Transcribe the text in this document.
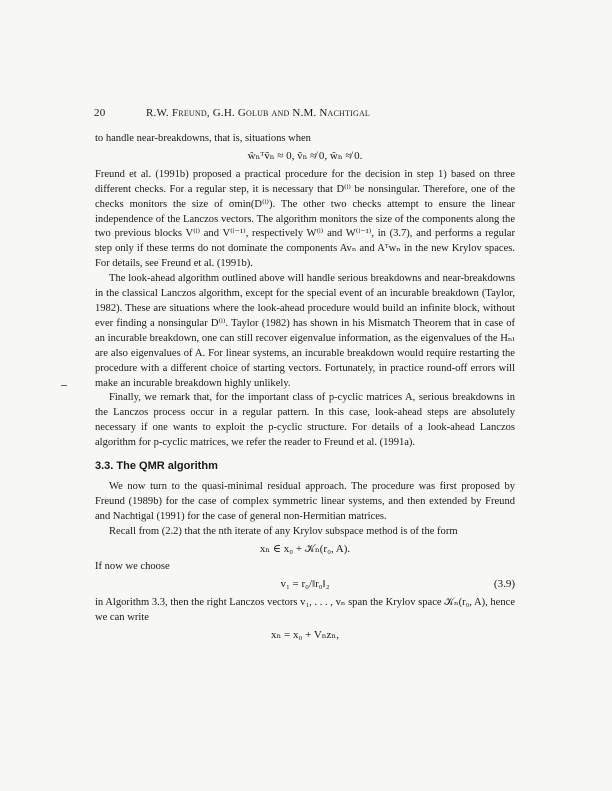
20	R.W. Freund, G.H. Golub and N.M. Nachtigal

to handle near-breakdowns, that is, situations when

ŵₙᵀṽₙ ≈ 0, ṽₙ ≉ 0, ŵₙ ≉ 0.

Freund et al. (1991b) proposed a practical procedure for the decision in step 1) based on three different checks. For a regular step, it is necessary that D⁽ˡ⁾ be nonsingular. Therefore, one of the checks monitors the size of σmin(D⁽ˡ⁾). The other two checks attempt to ensure the linear independence of the Lanczos vectors. The algorithm monitors the size of the components along the two previous blocks V⁽ˡ⁾ and V⁽ˡ⁻¹⁾, respectively W⁽ˡ⁾ and W⁽ˡ⁻¹⁾, in (3.7), and performs a regular step only if these terms do not dominate the components Avₙ and Aᵀwₙ in the new Krylov spaces. For details, see Freund et al. (1991b).

The look-ahead algorithm outlined above will handle serious breakdowns and near-breakdowns in the classical Lanczos algorithm, except for the special event of an incurable breakdown (Taylor, 1982). These are situations where the look-ahead procedure would build an infinite block, without ever finding a nonsingular D⁽ˡ⁾. Taylor (1982) has shown in his Mismatch Theorem that in case of an incurable breakdown, one can still recover eigenvalue information, as the eigenvalues of the Hₙₗ are also eigenvalues of A. For linear systems, an incurable breakdown would require restarting the procedure with a different choice of starting vectors. Fortunately, in practice round-off errors will make an incurable breakdown highly unlikely.

Finally, we remark that, for the important class of p-cyclic matrices A, serious breakdowns in the Lanczos process occur in a regular pattern. In this case, look-ahead steps are absolutely necessary if one wants to exploit the p-cyclic structure. For details of a look-ahead Lanczos algorithm for p-cyclic matrices, we refer the reader to Freund et al. (1991a).

3.3. The QMR algorithm

We now turn to the quasi-minimal residual approach. The procedure was first proposed by Freund (1989b) for the case of complex symmetric linear systems, and then extended by Freund and Nachtigal (1991) for the case of general non-Hermitian matrices.

Recall from (2.2) that the nth iterate of any Krylov subspace method is of the form

xₙ ∈ x₀ + 𝒦ₙ(r₀, A).

If now we choose

v₁ = r₀/‖r₀‖₂	(3.9)

in Algorithm 3.3, then the right Lanczos vectors v₁, . . . , vₙ span the Krylov space 𝒦ₙ(r₀, A), hence we can write

xₙ = x₀ + Vₙzₙ,
